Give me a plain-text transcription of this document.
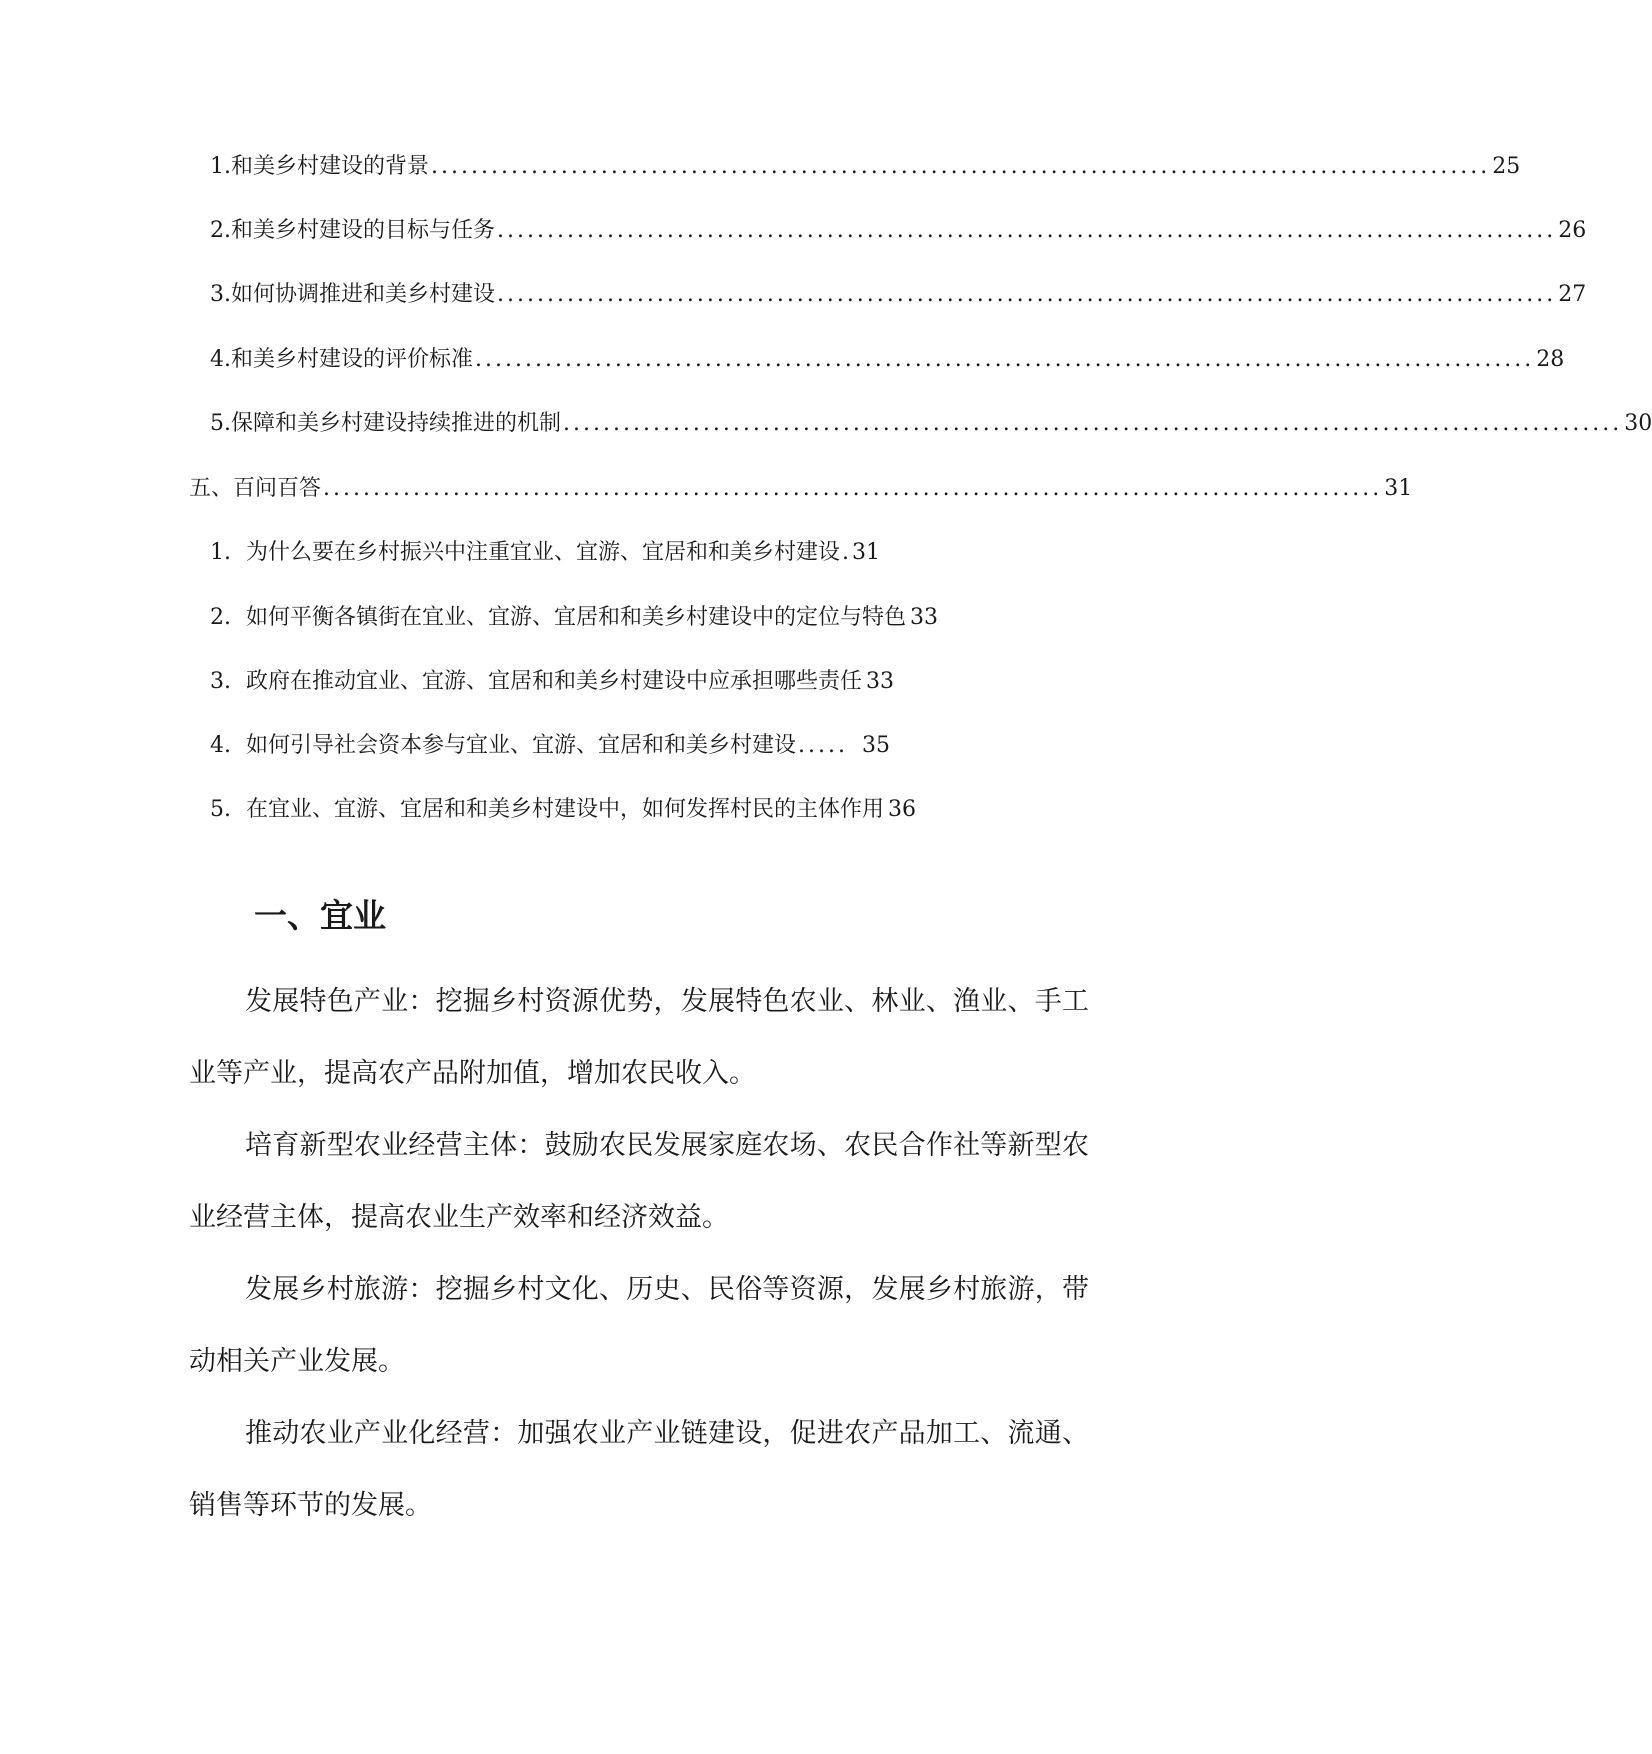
1. 和美乡村建设的背景 .......................................................................................................... 25
2. 和美乡村建设的目标与任务 .......................................................................................................... 26
3. 如何协调推进和美乡村建设 .......................................................................................................... 27
4. 和美乡村建设的评价标准 .......................................................................................................... 28
5. 保障和美乡村建设持续推进的机制 .......................................................................................................... 30
五、百问百答 .......................................................................................................... 31
1. 为什么要在乡村振兴中注重宜业、宜游、宜居和和美乡村建设 . 31
2. 如何平衡各镇街在宜业、宜游、宜居和和美乡村建设中的定位与特色 33
3. 政府在推动宜业、宜游、宜居和和美乡村建设中应承担哪些责任 33
4. 如何引导社会资本参与宜业、宜游、宜居和和美乡村建设 ..... 35
5. 在宜业、宜游、宜居和和美乡村建设中，如何发挥村民的主体作用 36
一、宜业

发展特色产业：挖掘乡村资源优势，发展特色农业、林业、渔业、手工业等产业，提高农产品附加值，增加农民收入。

培育新型农业经营主体：鼓励农民发展家庭农场、农民合作社等新型农业经营主体，提高农业生产效率和经济效益。

发展乡村旅游：挖掘乡村文化、历史、民俗等资源，发展乡村旅游，带动相关产业发展。

推动农业产业化经营：加强农业产业链建设，促进农产品加工、流通、销售等环节的发展。
